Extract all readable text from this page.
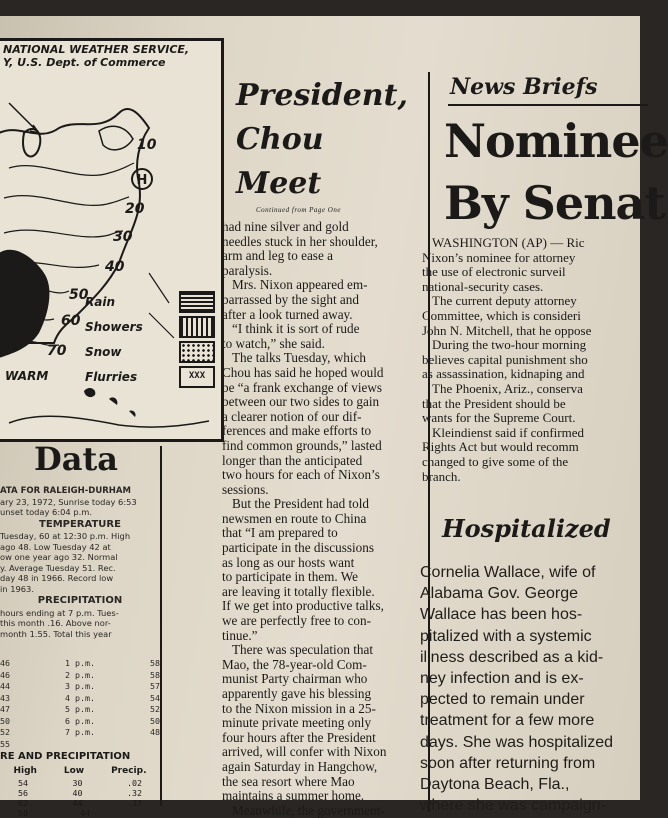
NATIONAL WEATHER SERVICE,
Y, U.S. Dept. of Commerce
H
10
20
30
40
50
60
70
Rain
Showers
Snow
Flurries	XXX
WARM
Data
ATA FOR RALEIGH-DURHAM
ary 23, 1972, Sunrise today 6:53
unset today 6:04 p.m.
TEMPERATURE
Tuesday, 60 at 12:30 p.m. High
ago 48. Low Tuesday 42 at
ow one year ago 32. Normal
y. Average Tuesday 51. Rec.
day 48 in 1966. Record low
in 1963.
PRECIPITATION
hours ending at 7 p.m. Tues-
this month .16. Above nor-
month 1.55. Total this year
46	1 p.m.	58
46	2 p.m.	58
44	3 p.m.	57
43	4 p.m.	54
47	5 p.m.	52
50	6 p.m.	50
52	7 p.m.	48
55
RE AND PRECIPITATION
High	Low	Precip.
54	30	.02
56	40	.32
62	44	.37
58	44
President,
Chou
Meet
Continued from Page One

had nine silver and gold
needles stuck in her shoulder,
arm and leg to ease a
paralysis.

Mrs. Nixon appeared em-
barrassed by the sight and
after a look turned away.

“I think it is sort of rude
to watch,” she said.

The talks Tuesday, which
Chou has said he hoped would
be “a frank exchange of views
between our two sides to gain
a clearer notion of our dif-
ferences and make efforts to
find common grounds,” lasted
longer than the anticipated
two hours for each of Nixon’s
sessions.

But the President had told
newsmen en route to China
that “I am prepared to
participate in the discussions
as long as our hosts want
to participate in them. We
are leaving it totally flexible.
If we get into productive talks,
we are perfectly free to con-
tinue.”

There was speculation that
Mao, the 78-year-old Com-
munist Party chairman who
apparently gave his blessing
to the Nixon mission in a 25-
minute private meeting only
four hours after the President
arrived, will confer with Nixon
again Saturday in Hangchow,
the sea resort where Mao
maintains a summer home.

Meanwhile, the government-

News Briefs
Nominee
By Senat

WASHINGTON (AP) — Ric
Nixon’s nominee for attorney
the use of electronic surveil
national-security cases.

The current deputy attorney
Committee, which is consideri
John N. Mitchell, that he oppose

During the two-hour morning
believes capital punishment sho
as assassination, kidnaping and

The Phoenix, Ariz., conserva
that the President should be
wants for the Supreme Court.

Kleindienst said if confirmed
Rights Act but would recomm
changed to give some of the
branch.

Hospitalized

Cornelia Wallace, wife of

Alabama Gov. George

Wallace has been hos-

pitalized with a systemic

illness described as a kid-

ney infection and is ex-

pected to remain under

treatment for a few more

days. She was hospitalized

soon after returning from

Daytona Beach, Fla.,

where she was campaign-
